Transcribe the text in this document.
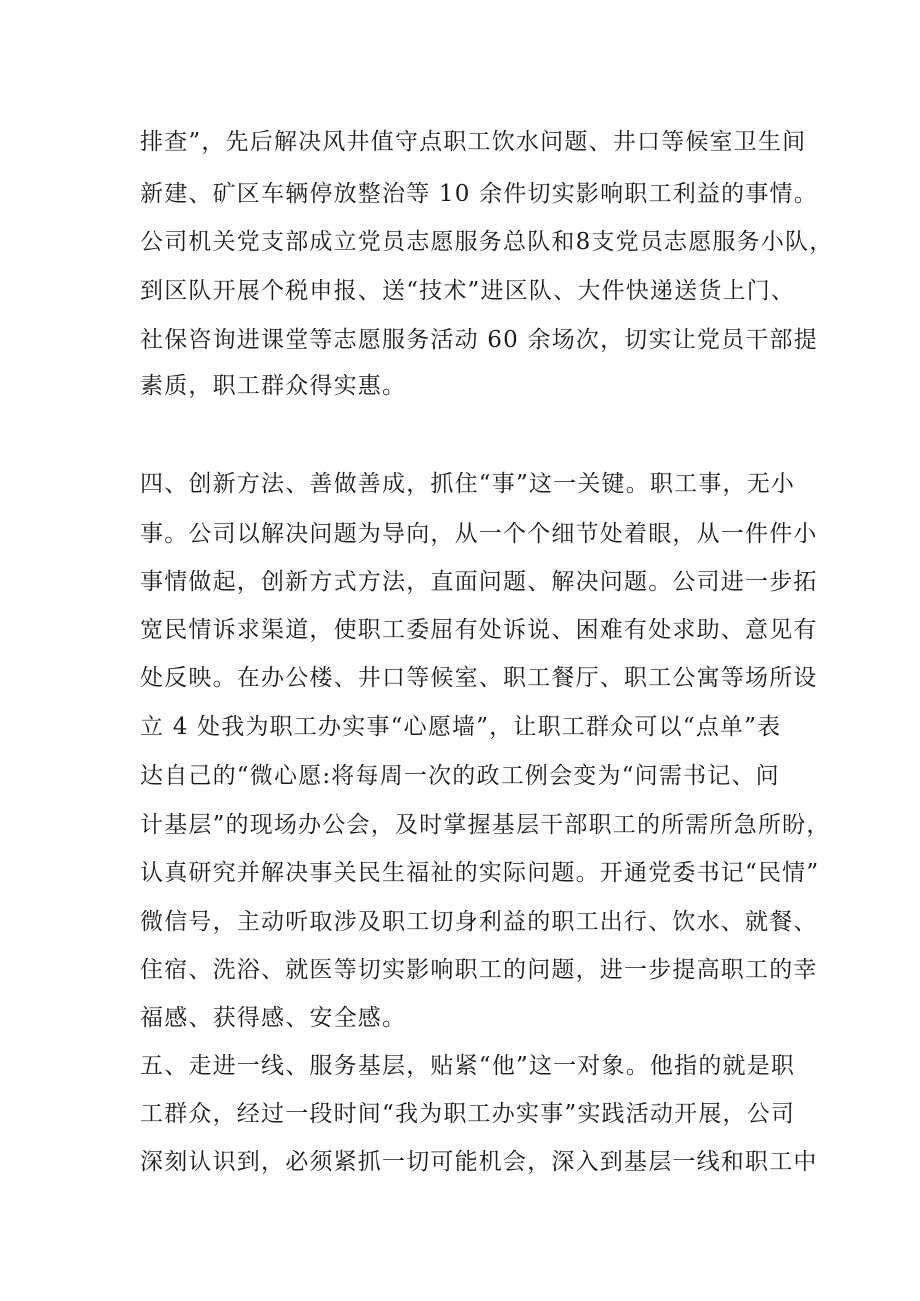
排查”，先后解决风井值守点职工饮水问题、井口等候室卫生间
新建、矿区车辆停放整治等 10 余件切实影响职工利益的事情。
公司机关党支部成立党员志愿服务总队和8支党员志愿服务小队，
到区队开展个税申报、送“技术”进区队、大件快递送货上门、
社保咨询进课堂等志愿服务活动 60 余场次，切实让党员干部提
素质，职工群众得实惠。
四、创新方法、善做善成，抓住“事”这一关键。职工事，无小
事。公司以解决问题为导向，从一个个细节处着眼，从一件件小
事情做起，创新方式方法，直面问题、解决问题。公司进一步拓
宽民情诉求渠道，使职工委屈有处诉说、困难有处求助、意见有
处反映。在办公楼、井口等候室、职工餐厅、职工公寓等场所设
立 4 处我为职工办实事“心愿墙”，让职工群众可以“点单”表
达自己的“微心愿:将每周一次的政工例会变为“问需书记、问
计基层”的现场办公会，及时掌握基层干部职工的所需所急所盼，
认真研究并解决事关民生福祉的实际问题。开通党委书记“民情”
微信号，主动听取涉及职工切身利益的职工出行、饮水、就餐、
住宿、洗浴、就医等切实影响职工的问题，进一步提高职工的幸
福感、获得感、安全感。
五、走进一线、服务基层，贴紧“他”这一对象。他指的就是职
工群众，经过一段时间“我为职工办实事”实践活动开展，公司
深刻认识到，必须紧抓一切可能机会，深入到基层一线和职工中
